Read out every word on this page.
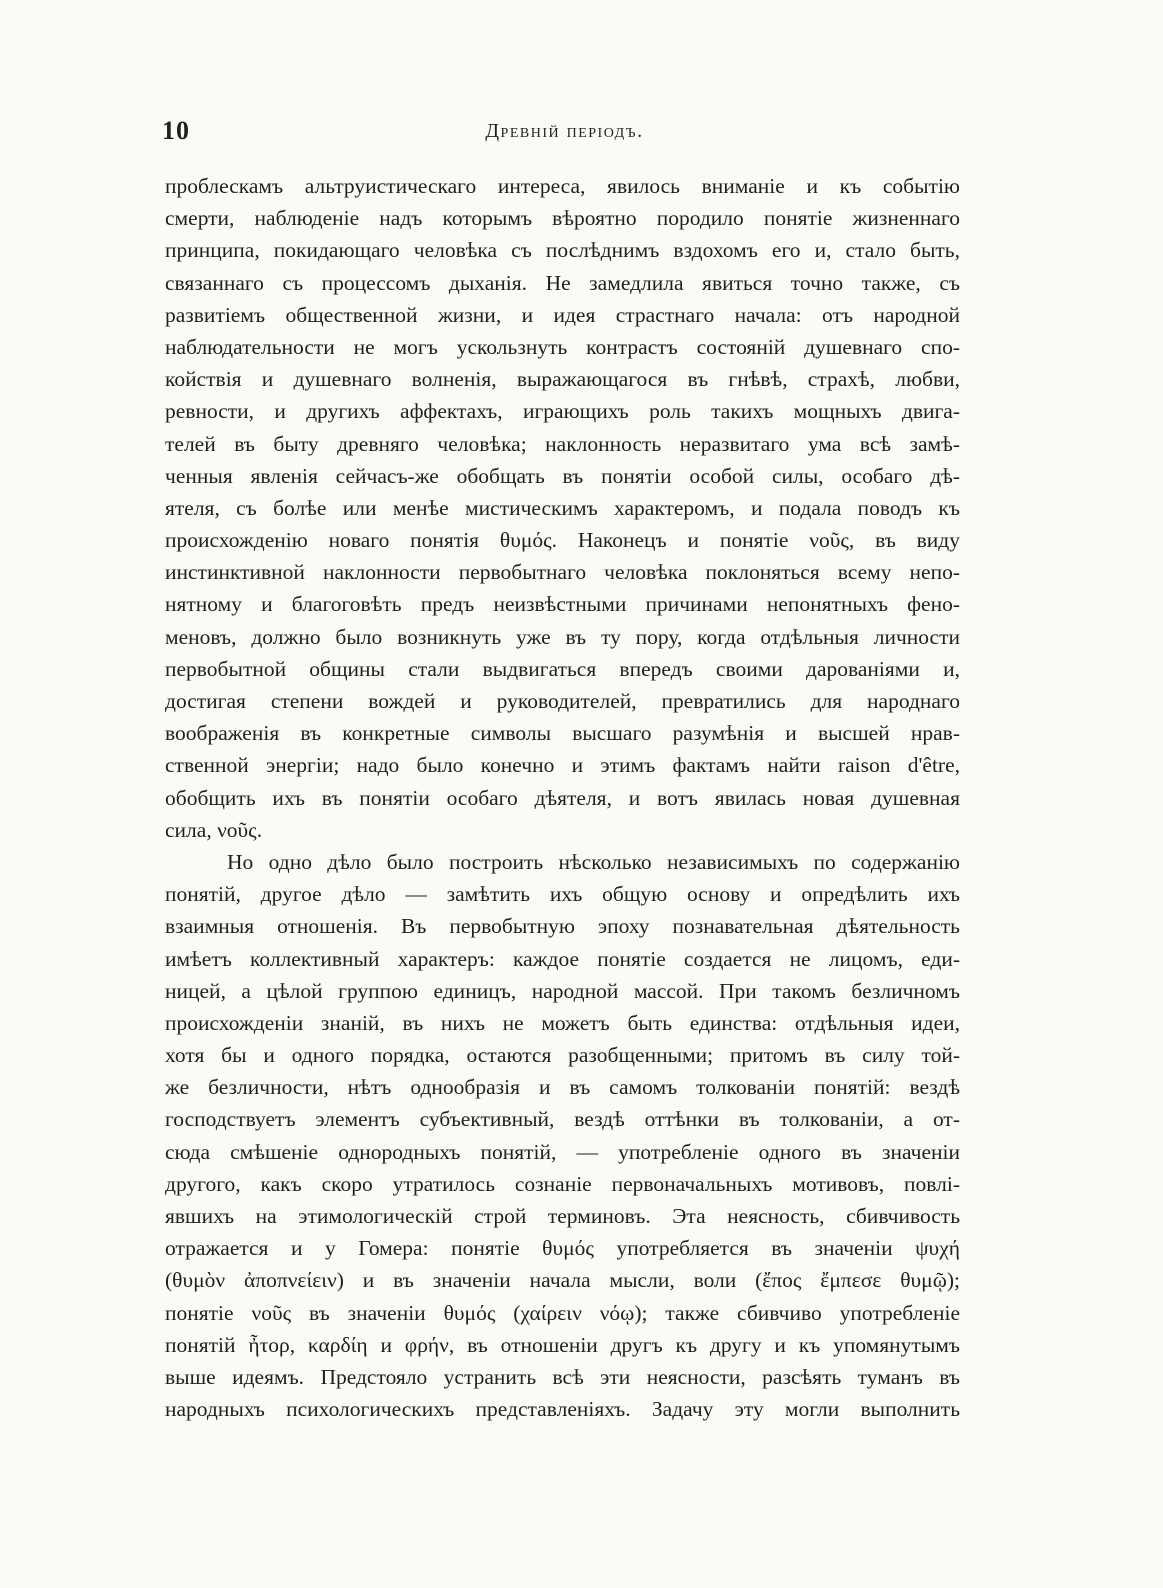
10	Древній періодъ.
проблескамъ альтруистическаго интереса, явилось вниманіе и къ событію
смерти, наблюденіе надъ которымъ вѣроятно породило понятіе жизненнаго
принципа, покидающаго человѣка съ послѣднимъ вздохомъ его и, стало быть,
связаннаго съ процессомъ дыханія. Не замедлила явиться точно также, съ
развитіемъ общественной жизни, и идея страстнаго начала: отъ народной
наблюдательности не могъ ускользнуть контрастъ состояній душевнаго спо-
койствія и душевнаго волненія, выражающагося въ гнѣвѣ, страхѣ, любви,
ревности, и другихъ аффектахъ, играющихъ роль такихъ мощныхъ двига-
телей въ быту древняго человѣка; наклонность неразвитаго ума всѣ замѣ-
ченныя явленія сейчасъ-же обобщать въ понятіи особой силы, особаго дѣ-
ятеля, съ болѣе или менѣе мистическимъ характеромъ, и подала поводъ къ
происхожденію новаго понятія θυμός. Наконецъ и понятіе νοῦς, въ виду
инстинктивной наклонности первобытнаго человѣка поклоняться всему непо-
нятному и благоговѣть предъ неизвѣстными причинами непонятныхъ фено-
меновъ, должно было возникнуть уже въ ту пору, когда отдѣльныя личности
первобытной общины стали выдвигаться впередъ своими дарованіями и,
достигая степени вождей и руководителей, превратились для народнаго
воображенія въ конкретные символы высшаго разумѣнія и высшей нрав-
ственной энергіи; надо было конечно и этимъ фактамъ найти raison d'être,
обобщить ихъ въ понятіи особаго дѣятеля, и вотъ явилась новая душевная
сила, νοῦς.
Но одно дѣло было построить нѣсколько независимыхъ по содержанію
понятій, другое дѣло — замѣтить ихъ общую основу и опредѣлить ихъ
взаимныя отношенія. Въ первобытную эпоху познавательная дѣятельность
имѣетъ коллективный характеръ: каждое понятіе создается не лицомъ, еди-
ницей, а цѣлой группою единицъ, народной массой. При такомъ безличномъ
происхожденіи знаній, въ нихъ не можетъ быть единства: отдѣльныя идеи,
хотя бы и одного порядка, остаются разобщенными; притомъ въ силу той-
же безличности, нѣтъ однообразія и въ самомъ толкованіи понятій: вездѣ
господствуетъ элементъ субъективный, вездѣ оттѣнки въ толкованіи, а от-
сюда смѣшеніе однородныхъ понятій, — употребленіе одного въ значеніи
другого, какъ скоро утратилось сознаніе первоначальныхъ мотивовъ, повлі-
явшихъ на этимологическій строй терминовъ. Эта неясность, сбивчивость
отражается и у Гомера: понятіе θυμός употребляется въ значеніи ψυχή
(θυμὸν ἀποπνείειν) и въ значеніи начала мысли, воли (ἔπος ἔμπεσε θυμῷ);
понятіе νοῦς въ значеніи θυμός (χαίρειν νόῳ); также сбивчиво употребленіе
понятій ἦτορ, καρδίη и φρήν, въ отношеніи другъ къ другу и къ упомянутымъ
выше идеямъ. Предстояло устранить всѣ эти неясности, разсѣять туманъ въ
народныхъ психологическихъ представленіяхъ. Задачу эту могли выполнить
